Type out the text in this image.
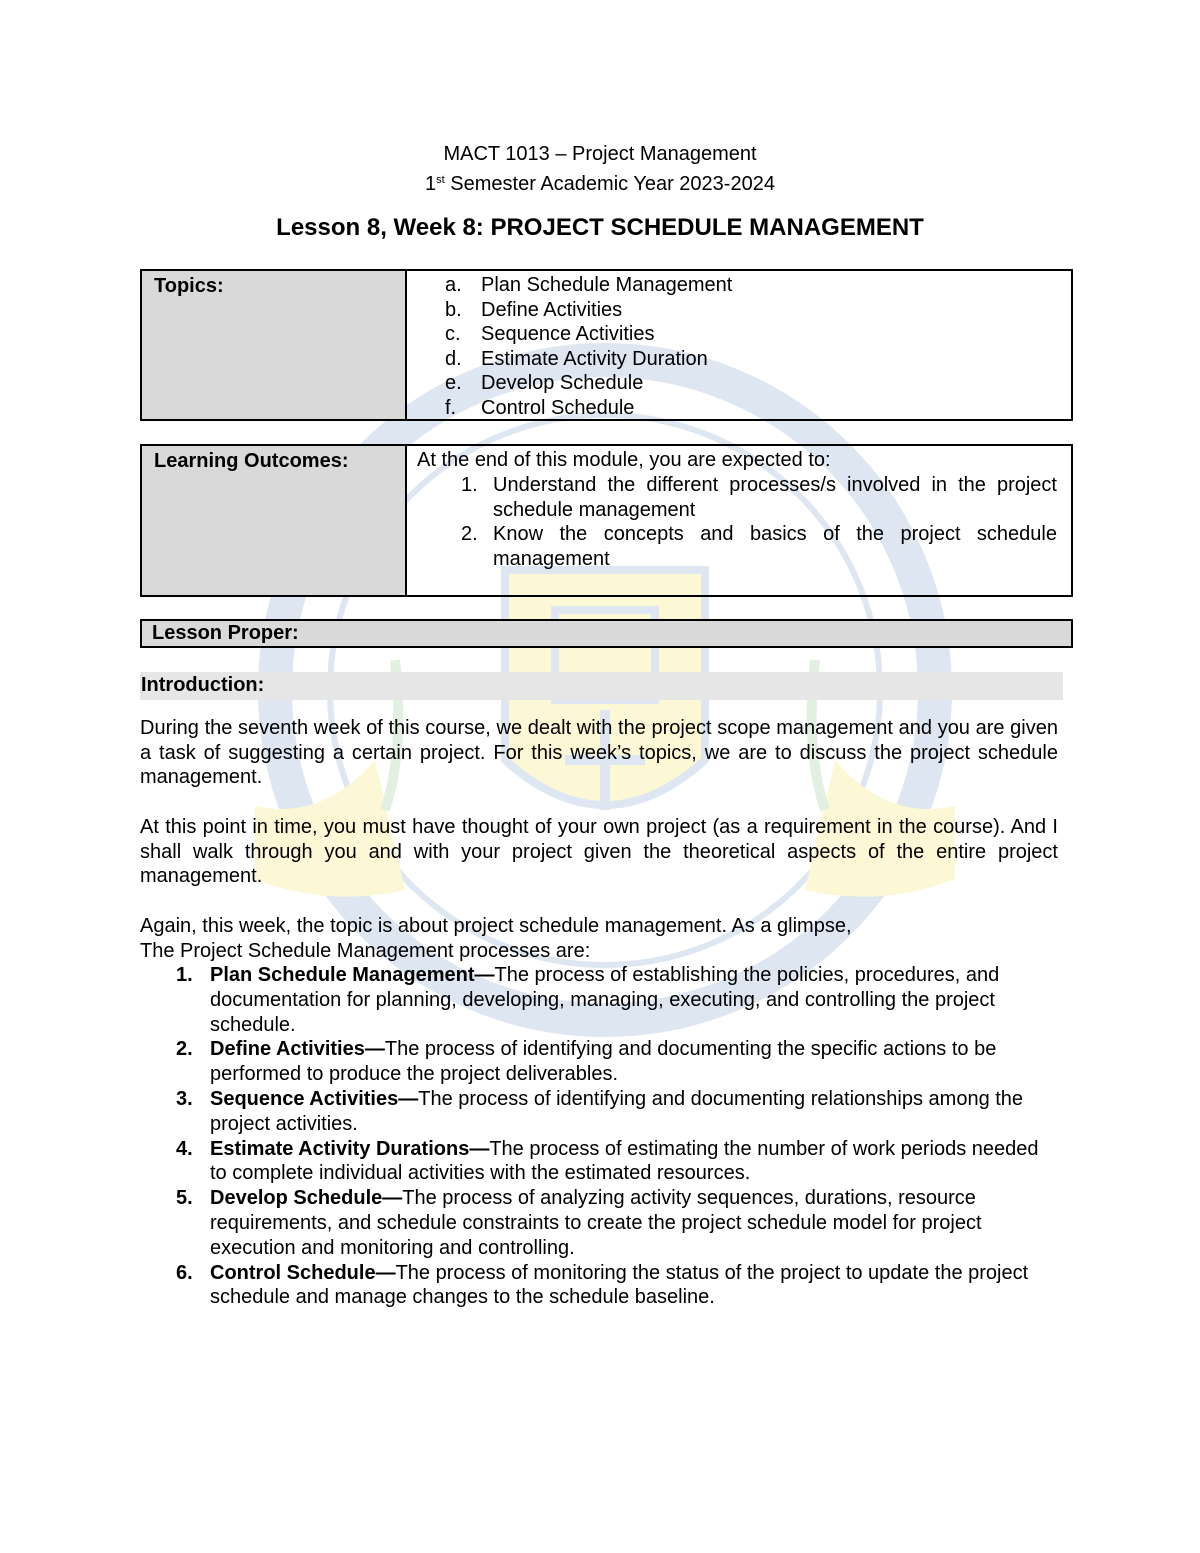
MACT 1013 – Project Management
1st Semester Academic Year 2023-2024
Lesson 8, Week 8: PROJECT SCHEDULE MANAGEMENT
Topics:	a. Plan Schedule Management
b. Define Activities
c.	Sequence Activities
d. Estimate Activity Duration
e. Develop Schedule
f.	Control Schedule
Learning Outcomes:	At the end of this module, you are expected to:
1. Understand the different processes/s involved in the project schedule management
2. Know the concepts and basics of the project schedule management
Lesson Proper:
Introduction:
During the seventh week of this course, we dealt with the project scope management and you are given a task of suggesting a certain project. For this week’s topics, we are to discuss the project schedule management.
At this point in time, you must have thought of your own project (as a requirement in the course). And I shall walk through you and with your project given the theoretical aspects of the entire project management.
Again, this week, the topic is about project schedule management. As a glimpse,
The Project Schedule Management processes are:
1. Plan Schedule Management—The process of establishing the policies, procedures, and documentation for planning, developing, managing, executing, and controlling the project schedule.
2. Define Activities—The process of identifying and documenting the specific actions to be performed to produce the project deliverables.
3. Sequence Activities—The process of identifying and documenting relationships among the project activities.
4. Estimate Activity Durations—The process of estimating the number of work periods needed to complete individual activities with the estimated resources.
5. Develop Schedule—The process of analyzing activity sequences, durations, resource requirements, and schedule constraints to create the project schedule model for project execution and monitoring and controlling.
6. Control Schedule—The process of monitoring the status of the project to update the project schedule and manage changes to the schedule baseline.
